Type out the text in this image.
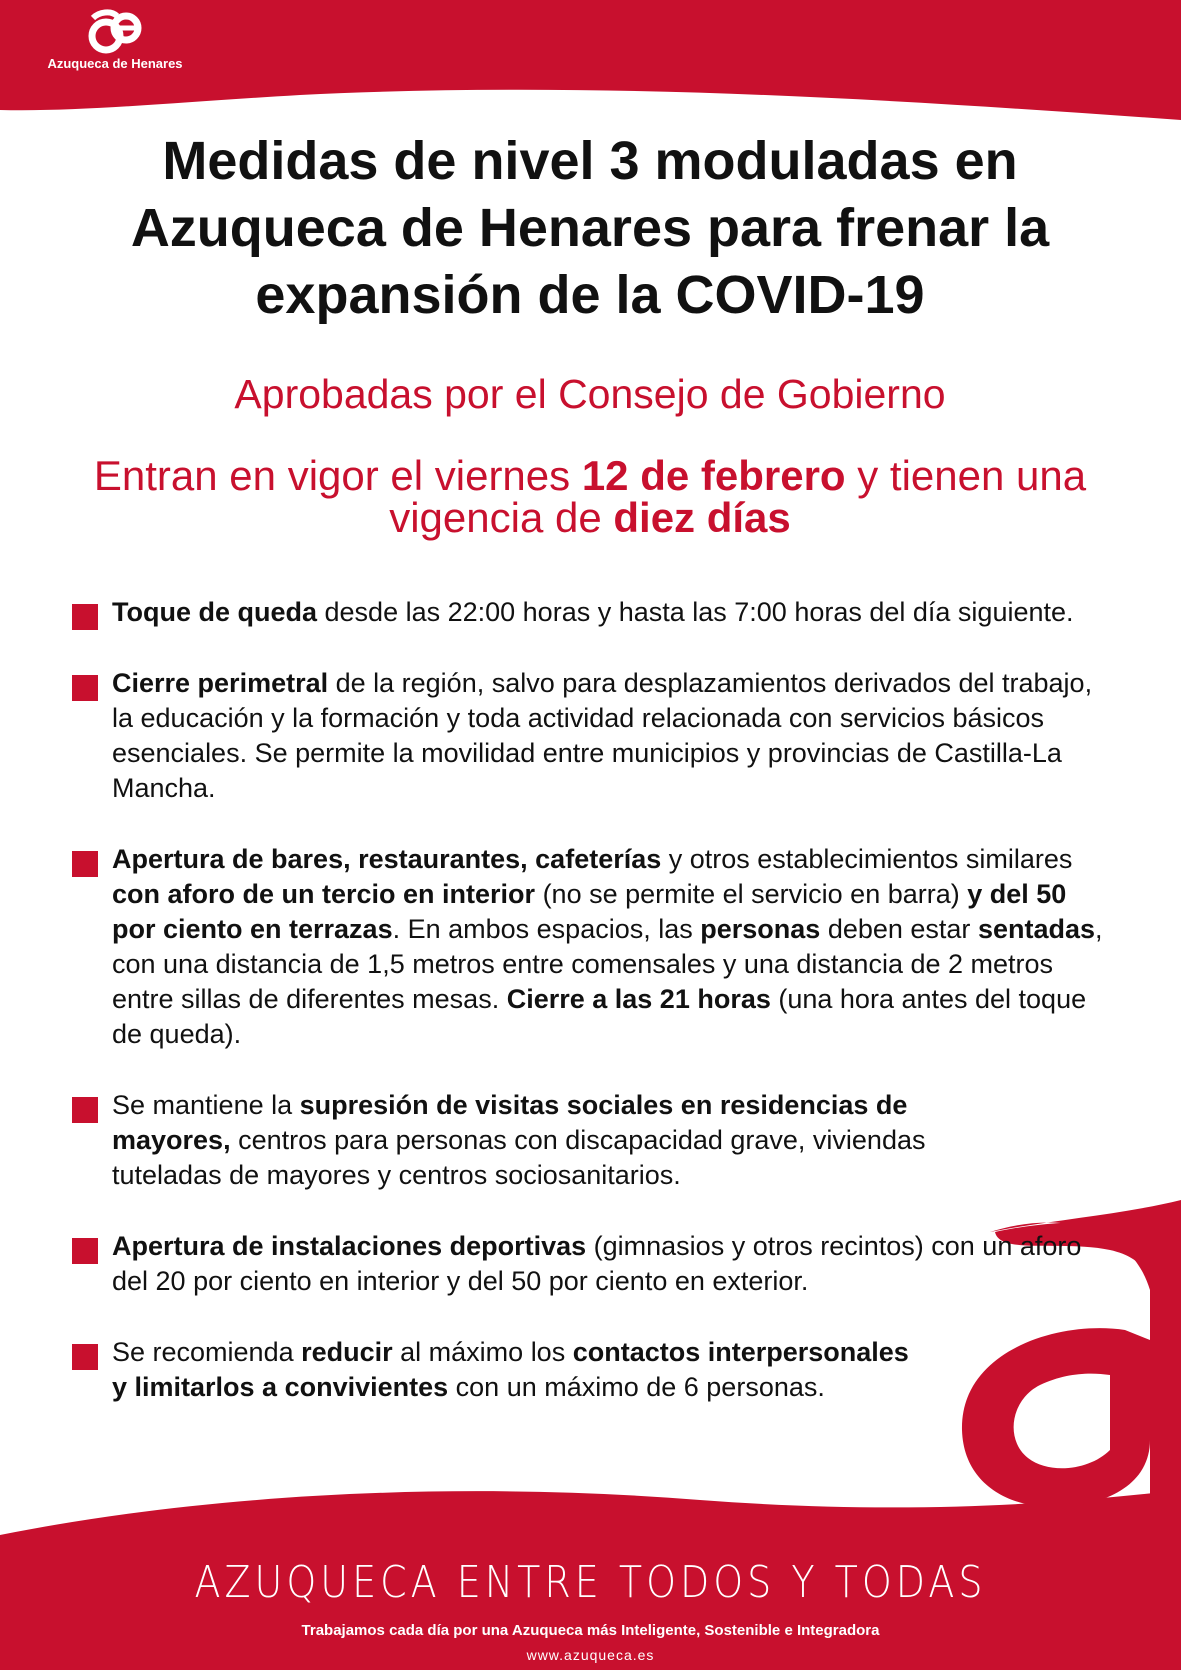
Azuqueca de Henares
Medidas de nivel 3 moduladas en Azuqueca de Henares para frenar la expansión de la COVID-19
Aprobadas por el Consejo de Gobierno
Entran en vigor el viernes 12 de febrero y tienen una vigencia de diez días
Toque de queda desde las 22:00 horas y hasta las 7:00 horas del día siguiente.
Cierre perimetral de la región, salvo para desplazamientos derivados del trabajo, la educación y la formación y toda actividad relacionada con servicios básicos esenciales. Se permite la movilidad entre municipios y provincias de Castilla-La Mancha.
Apertura de bares, restaurantes, cafeterías y otros establecimientos similares con aforo de un tercio en interior (no se permite el servicio en barra) y del 50 por ciento en terrazas. En ambos espacios, las personas deben estar sentadas, con una distancia de 1,5 metros entre comensales y una distancia de 2 metros entre sillas de diferentes mesas. Cierre a las 21 horas (una hora antes del toque de queda).
Se mantiene la supresión de visitas sociales en residencias de mayores, centros para personas con discapacidad grave, viviendas tuteladas de mayores y centros sociosanitarios.
Apertura de instalaciones deportivas (gimnasios y otros recintos) con un aforo del 20 por ciento en interior y del 50 por ciento en exterior.
Se recomienda reducir al máximo los contactos interpersonales y limitarlos a convivientes con un máximo de 6 personas.
AZUQUECA ENTRE TODOS Y TODAS
Trabajamos cada día por una Azuqueca más Inteligente, Sostenible e Integradora
www.azuqueca.es
